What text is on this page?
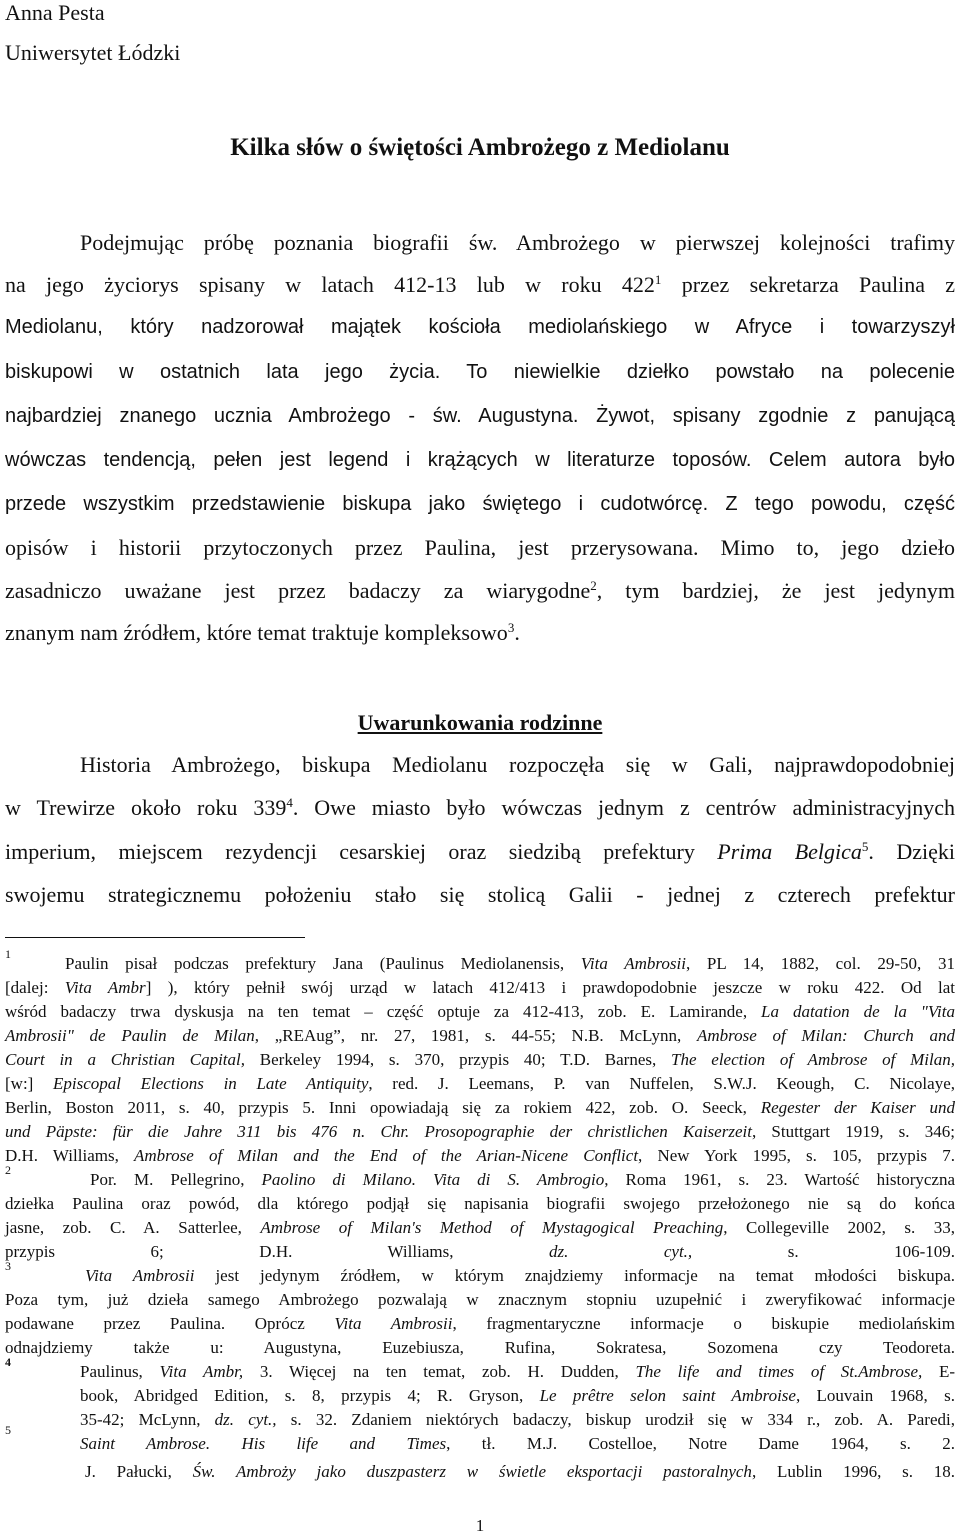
Anna Pesta
Uniwersytet Łódzki
Kilka słów o świętości Ambrożego z Mediolanu
Podejmując próbę poznania biografii św. Ambrożego w pierwszej kolejności trafimy
na jego życiorys spisany w latach 412-13 lub w roku $422^1$ przez sekretarza Paulina z
Mediolanu, który nadzorował majątek kościoła mediolańskiego w Afryce i towarzyszył
biskupowi w ostatnich lata jego życia. To niewielkie dziełko powstało na polecenie
najbardziej znanego ucznia Ambrożego - św. Augustyna. Żywot, spisany zgodnie z panującą
wówczas tendencją, pełen jest legend i krążących w literaturze toposów. Celem autora było
przede wszystkim przedstawienie biskupa jako świętego i cudotwórcę. Z tego powodu, część
opisów i historii przytoczonych przez Paulina, jest przerysowana. Mimo to, jego dzieło
zasadniczo uważane jest przez badaczy za wiarygodne$^2$, tym bardziej, że jest jedynym
znanym nam źródłem, które temat traktuje kompleksowo$^3$.
Uwarunkowania rodzinne
Historia Ambrożego, biskupa Mediolanu rozpoczęła się w Gali, najprawdopodobniej
w Trewirze około roku $339^4$. Owe miasto było wówczas jednym z centrów administracyjnych
imperium, miejscem rezydencji cesarskiej oraz siedzibą prefektury Prima Belgica$^5$. Dzięki
swojemu strategicznemu położeniu stało się stolicą Galii - jednej z czterech prefektur
1	Paulin pisał podczas prefektury Jana (Paulinus Mediolanensis, Vita Ambrosii, PL 14, 1882, col. 29-50, 31
[dalej: Vita Ambr] ), który pełnił swój urząd w latach 412/413 i prawdopodobnie jeszcze w roku 422. Od lat
wśród badaczy trwa dyskusja na ten temat – część optuje za 412-413, zob. E. Lamirande, La datation de la "Vita
Ambrosii" de Paulin de Milan, „REAug”, nr. 27, 1981, s. 44-55; N.B. McLynn, Ambrose of Milan: Church and
Court in a Christian Capital, Berkeley 1994, s. 370, przypis 40; T.D. Barnes, The election of Ambrose of Milan,
[w:] Episcopal Elections in Late Antiquity, red. J. Leemans, P. van Nuffelen, S.W.J. Keough, C. Nicolaye,
Berlin, Boston 2011, s. 40, przypis 5. Inni opowiadają się za rokiem 422, zob. O. Seeck, Regester der Kaiser und
und Päpste: für die Jahre 311 bis 476 n. Chr. Prosopographie der christlichen Kaiserzeit, Stuttgart 1919, s. 346;
D.H. Williams, Ambrose of Milan and the End of the Arian-Nicene Conflict, New York 1995, s. 105, przypis 7.
2	Por. M. Pellegrino, Paolino di Milano. Vita di S. Ambrogio, Roma 1961, s. 23. Wartość historyczna
dziełka Paulina oraz powód, dla którego podjął się napisania biografii swojego przełożonego nie są do końca
jasne, zob. C. A. Satterlee, Ambrose of Milan's Method of Mystagogical Preaching, Collegeville 2002, s. 33,
przypis 6; D.H. Williams, dz. cyt., s. 106-109.
3	Vita Ambrosii jest jedynym źródłem, w którym znajdziemy informacje na temat młodości biskupa.
Poza tym, już dzieła samego Ambrożego pozwalają w znacznym stopniu uzupełnić i zweryfikować informacje
podawane przez Paulina. Oprócz Vita Ambrosii, fragmentaryczne informacje o biskupie mediolańskim
odnajdziemy także u: Augustyna, Euzebiusza, Rufina, Sokratesa, Sozomena czy Teodoreta.
4	Paulinus, Vita Ambr, 3. Więcej na ten temat, zob. H. Dudden, The life and times of St.Ambrose, E-
book, Abridged Edition, s. 8, przypis 4; R. Gryson, Le prêtre selon saint Ambroise, Louvain 1968, s.
35-42; McLynn, dz. cyt., s. 32. Zdaniem niektórych badaczy, biskup urodził się w 334 r., zob. A. Paredi,
Saint Ambrose. His life and Times, tł. M.J. Costelloe, Notre Dame 1964, s. 2.
5
J. Pałucki, Św. Ambroży jako duszpasterz w świetle eksportacji pastoralnych, Lublin 1996, s. 18.
1
